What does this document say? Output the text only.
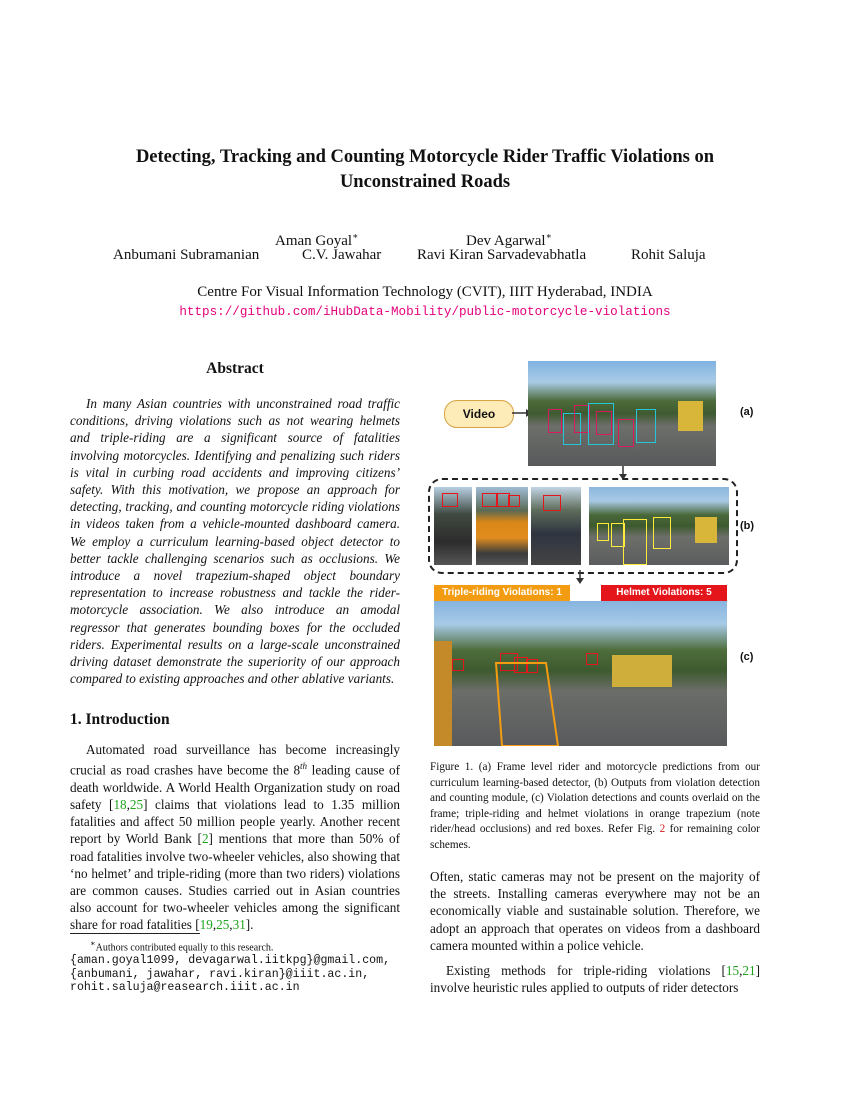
Detecting, Tracking and Counting Motorcycle Rider Traffic Violations on Unconstrained Roads
Aman Goyal∗	Dev Agarwal∗
Anbumani Subramanian	C.V. Jawahar Ravi Kiran Sarvadevabhatla	Rohit Saluja
Centre For Visual Information Technology (CVIT), IIIT Hyderabad, INDIA
https://github.com/iHubData-Mobility/public-motorcycle-violations
Abstract
In many Asian countries with unconstrained road traffic conditions, driving violations such as not wearing helmets and triple-riding are a significant source of fatalities involving motorcycles. Identifying and penalizing such riders is vital in curbing road accidents and improving citizens’ safety. With this motivation, we propose an approach for detecting, tracking, and counting motorcycle riding violations in videos taken from a vehicle-mounted dashboard camera. We employ a curriculum learning-based object detector to better tackle challenging scenarios such as occlusions. We introduce a novel trapezium-shaped object boundary representation to increase robustness and tackle the rider-motorcycle association. We also introduce an amodal regressor that generates bounding boxes for the occluded riders. Experimental results on a large-scale unconstrained driving dataset demonstrate the superiority of our approach compared to existing approaches and other ablative variants.
1. Introduction
Automated road surveillance has become increasingly crucial as road crashes have become the 8th leading cause of death worldwide. A World Health Organization study on road safety [18,25] claims that violations lead to 1.35 million fatalities and affect 50 million people yearly. Another recent report by World Bank [2] mentions that more than 50% of road fatalities involve two-wheeler vehicles, also showing that ‘no helmet’ and triple-riding (more than two riders) violations are common causes. Studies carried out in Asian countries also account for two-wheeler vehicles among the significant share for road fatalities [19,25,31].
∗Authors contributed equally to this research.
{aman.goyal1099, devagarwal.iitkpg}@gmail.com,
{anbumani, jawahar, ravi.kiran}@iiit.ac.in,
rohit.saluja@reasearch.iiit.ac.in
Video	(a)
(b)
Triple-riding Violations: 1	Helmet Violations: 5
(c)
Figure 1. (a) Frame level rider and motorcycle predictions from our curriculum learning-based detector, (b) Outputs from violation detection and counting module, (c) Violation detections and counts overlaid on the frame; triple-riding and helmet violations in orange trapezium (note rider/head occlusions) and red boxes. Refer Fig. 2 for remaining color schemes.

Often, static cameras may not be present on the majority of the streets. Installing cameras everywhere may not be an economically viable and sustainable solution. Therefore, we adopt an approach that operates on videos from a dashboard camera mounted within a police vehicle.

Existing methods for triple-riding violations [15,21] involve heuristic rules applied to outputs of rider detectors
